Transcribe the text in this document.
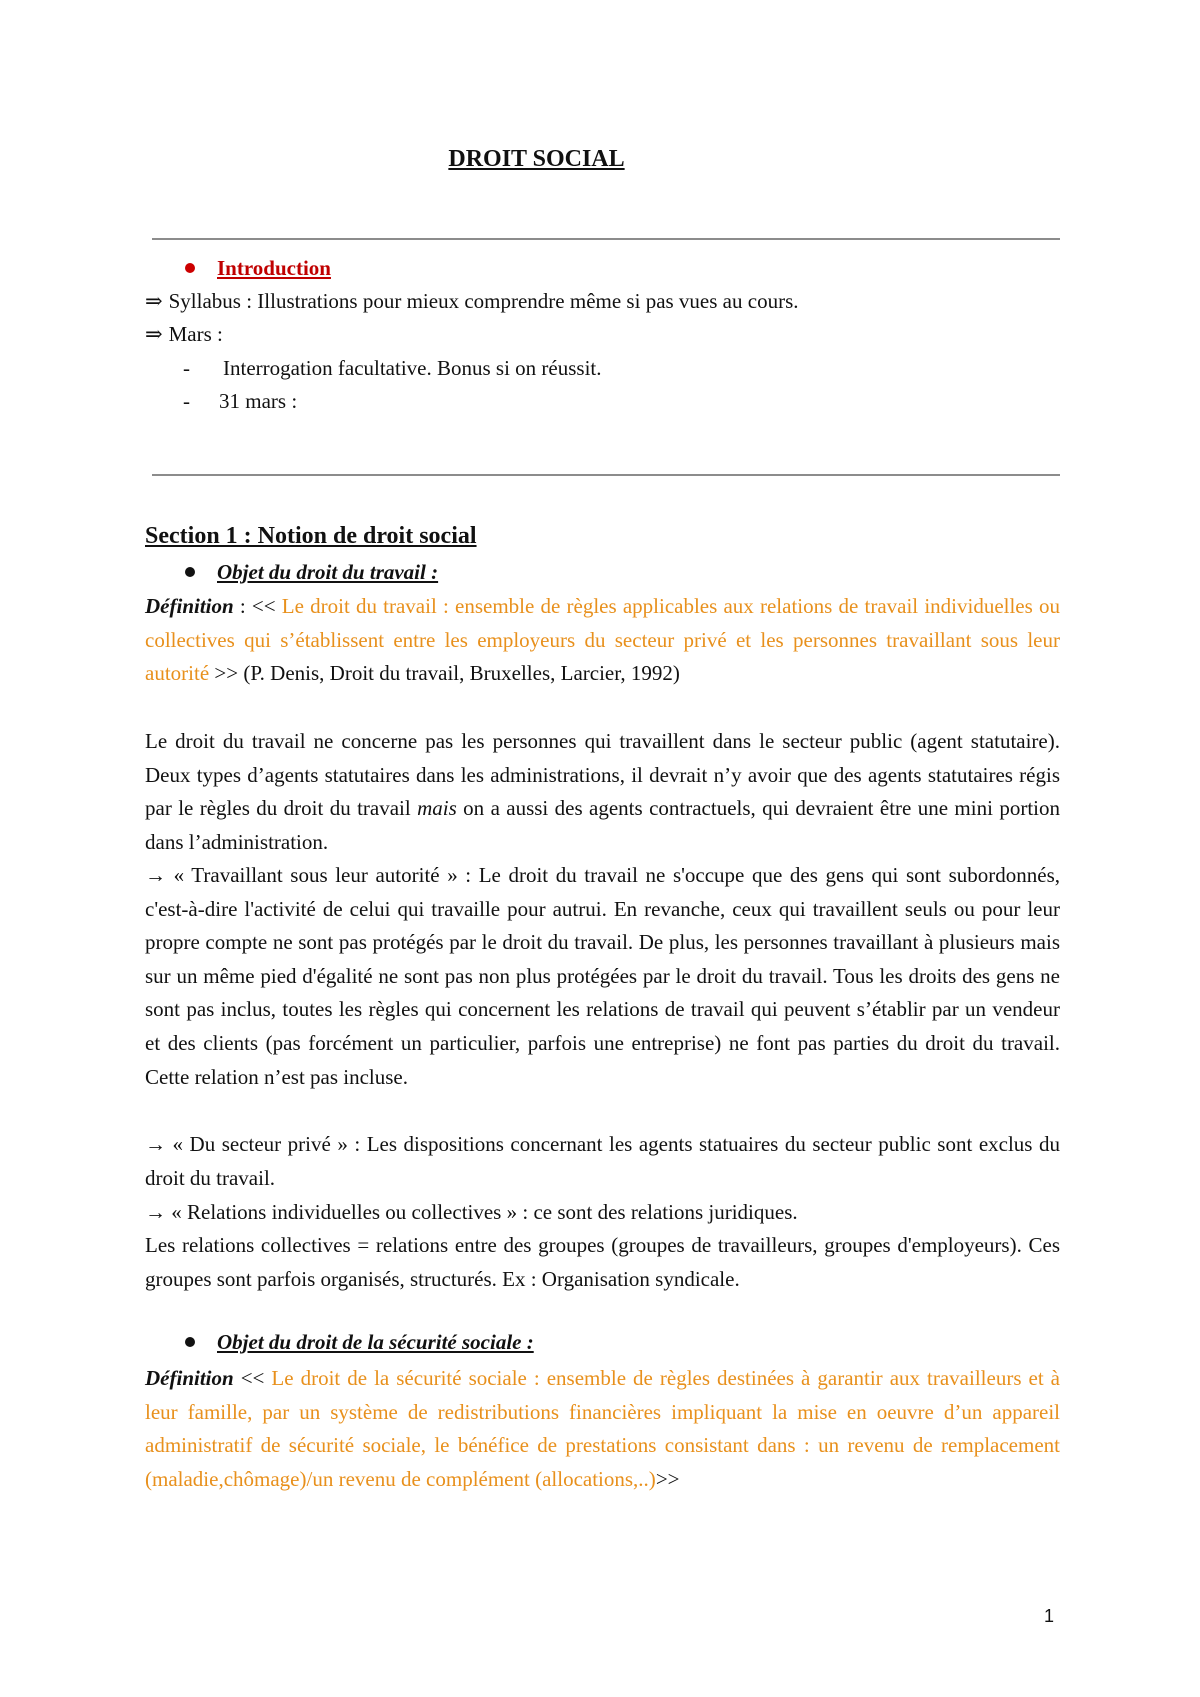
DROIT SOCIAL
Introduction
⇒ Syllabus : Illustrations pour mieux comprendre même si pas vues au cours.
⇒ Mars :
- Interrogation facultative. Bonus si on réussit.
- 31 mars :
Section 1 : Notion de droit social
Objet du droit du travail :

Définition : << Le droit du travail : ensemble de règles applicables aux relations de travail individuelles ou collectives qui s’établissent entre les employeurs du secteur privé et les personnes travaillant sous leur autorité >> (P. Denis, Droit du travail, Bruxelles, Larcier, 1992)

Le droit du travail ne concerne pas les personnes qui travaillent dans le secteur public (agent statutaire). Deux types d’agents statutaires dans les administrations, il devrait n’y avoir que des agents statutaires régis par le règles du droit du travail mais on a aussi des agents contractuels, qui devraient être une mini portion dans l’administration.

→ « Travaillant sous leur autorité » : Le droit du travail ne s'occupe que des gens qui sont subordonnés, c'est-à-dire l'activité de celui qui travaille pour autrui. En revanche, ceux qui travaillent seuls ou pour leur propre compte ne sont pas protégés par le droit du travail. De plus, les personnes travaillant à plusieurs mais sur un même pied d'égalité ne sont pas non plus protégées par le droit du travail. Tous les droits des gens ne sont pas inclus, toutes les règles qui concernent les relations de travail qui peuvent s’établir par un vendeur et des clients (pas forcément un particulier, parfois une entreprise) ne font pas parties du droit du travail. Cette relation n’est pas incluse.

→ « Du secteur privé » : Les dispositions concernant les agents statuaires du secteur public sont exclus du droit du travail.

→ « Relations individuelles ou collectives » : ce sont des relations juridiques.

Les relations collectives = relations entre des groupes (groupes de travailleurs, groupes d'employeurs). Ces groupes sont parfois organisés, structurés. Ex : Organisation syndicale.

Objet du droit de la sécurité sociale :

Définition << Le droit de la sécurité sociale : ensemble de règles destinées à garantir aux travailleurs et à leur famille, par un système de redistributions financières impliquant la mise en oeuvre d’un appareil administratif de sécurité sociale, le bénéfice de prestations consistant dans : un revenu de remplacement (maladie,chômage)/un revenu de complément (allocations,..)>>

1
